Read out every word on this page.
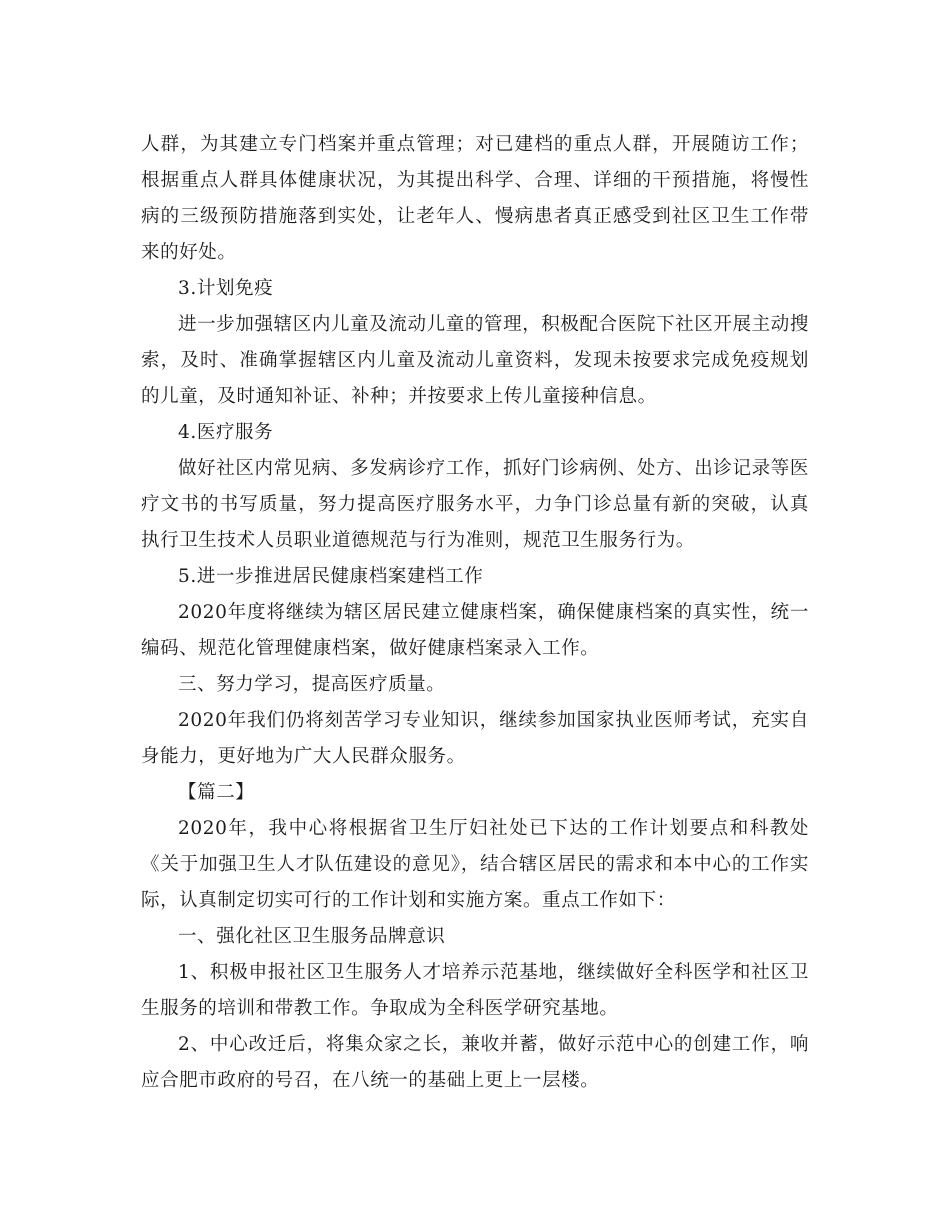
人群，为其建立专门档案并重点管理；对已建档的重点人群，开展随访工作；根据重点人群具体健康状况，为其提出科学、合理、详细的干预措施，将慢性病的三级预防措施落到实处，让老年人、慢病患者真正感受到社区卫生工作带来的好处。

3.计划免疫

进一步加强辖区内儿童及流动儿童的管理，积极配合医院下社区开展主动搜索，及时、准确掌握辖区内儿童及流动儿童资料，发现未按要求完成免疫规划的儿童，及时通知补证、补种；并按要求上传儿童接种信息。

4.医疗服务

做好社区内常见病、多发病诊疗工作，抓好门诊病例、处方、出诊记录等医疗文书的书写质量，努力提高医疗服务水平，力争门诊总量有新的突破，认真执行卫生技术人员职业道德规范与行为准则，规范卫生服务行为。

5.进一步推进居民健康档案建档工作

2020年度将继续为辖区居民建立健康档案，确保健康档案的真实性，统一编码、规范化管理健康档案，做好健康档案录入工作。

三、努力学习，提高医疗质量。

2020年我们仍将刻苦学习专业知识，继续参加国家执业医师考试，充实自身能力，更好地为广大人民群众服务。

【篇二】

2020年，我中心将根据省卫生厅妇社处已下达的工作计划要点和科教处《关于加强卫生人才队伍建设的意见》，结合辖区居民的需求和本中心的工作实际，认真制定切实可行的工作计划和实施方案。重点工作如下：

一、强化社区卫生服务品牌意识

1、积极申报社区卫生服务人才培养示范基地，继续做好全科医学和社区卫生服务的培训和带教工作。争取成为全科医学研究基地。

2、中心改迁后，将集众家之长，兼收并蓄，做好示范中心的创建工作，响应合肥市政府的号召，在八统一的基础上更上一层楼。
